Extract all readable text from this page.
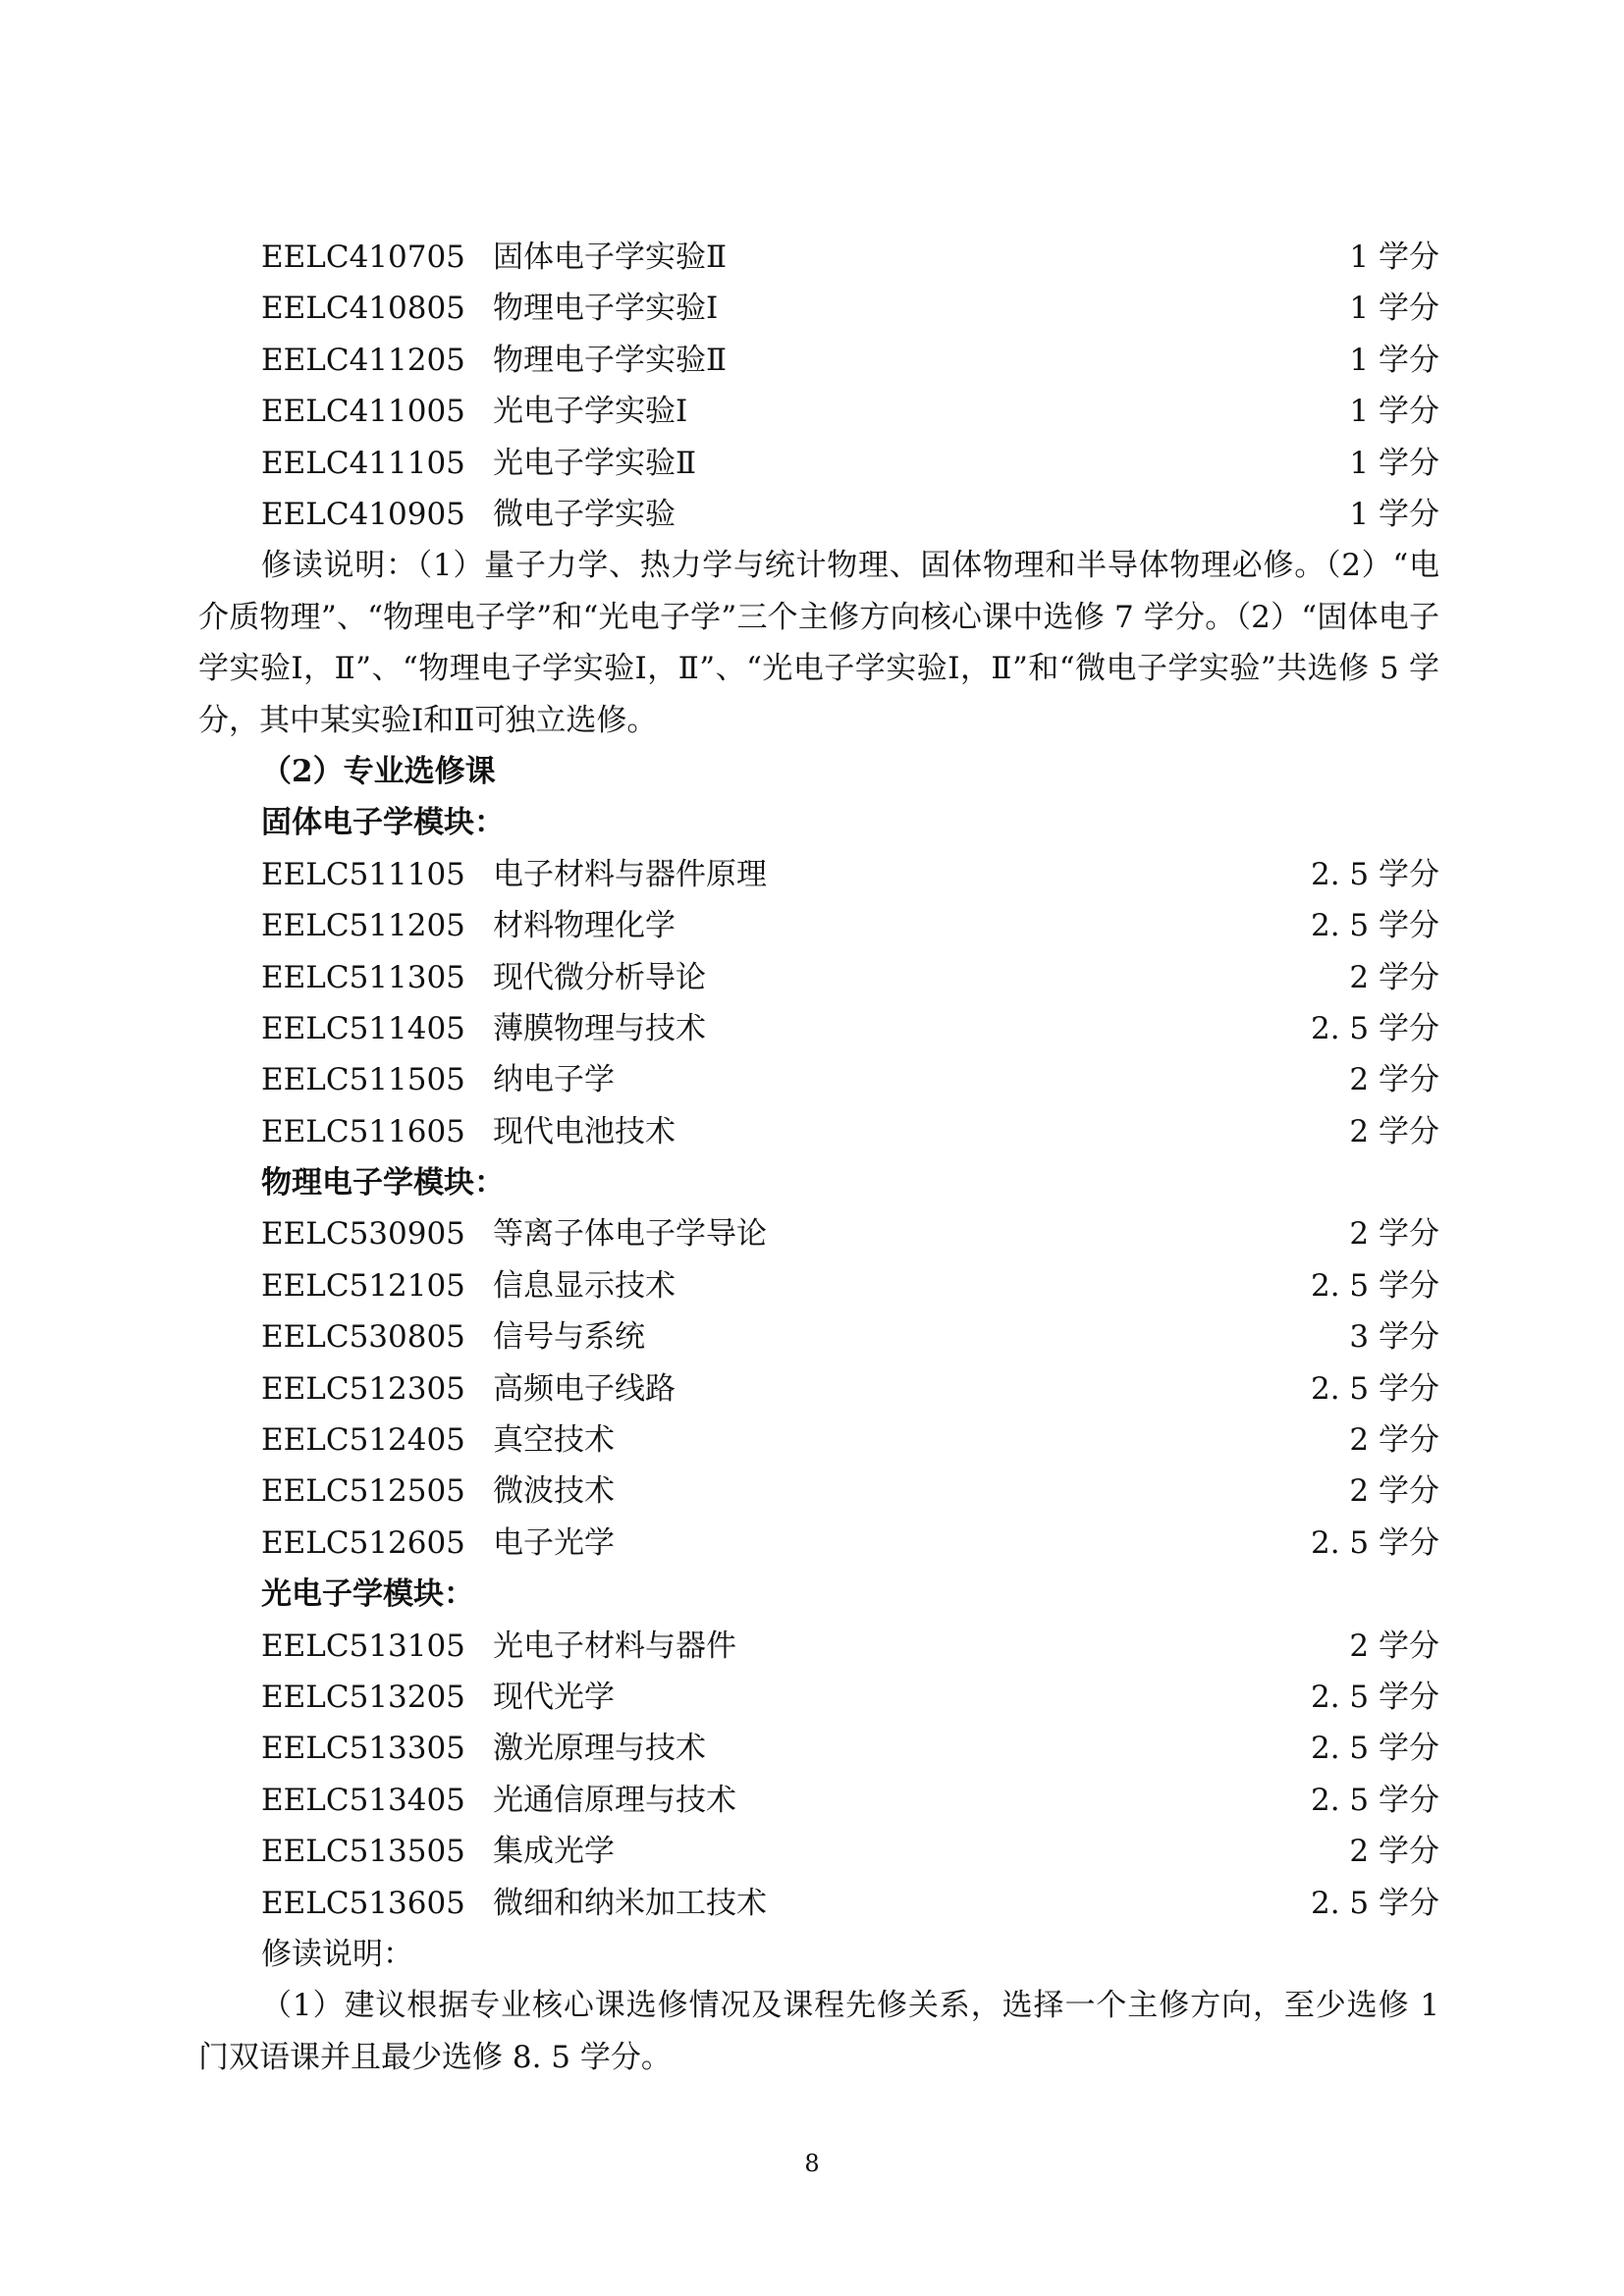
EELC410705 固体电子学实验Ⅱ	1 学分
EELC410805 物理电子学实验Ⅰ	1 学分
EELC411205 物理电子学实验Ⅱ	1 学分
EELC411005 光电子学实验Ⅰ	1 学分
EELC411105 光电子学实验Ⅱ	1 学分
EELC410905 微电子学实验	1 学分

修读说明：（1）量子力学、热力学与统计物理、固体物理和半导体物理必修。（2）“电介质物理”、“物理电子学”和“光电子学”三个主修方向核心课中选修 7 学分。（2）“固体电子学实验Ⅰ，Ⅱ”、“物理电子学实验Ⅰ，Ⅱ”、“光电子学实验Ⅰ，Ⅱ”和“微电子学实验”共选修 5 学分，其中某实验Ⅰ和Ⅱ可独立选修。

（2）专业选修课
固体电子学模块：
EELC511105 电子材料与器件原理	2. 5 学分
EELC511205 材料物理化学	2. 5 学分
EELC511305 现代微分析导论	2 学分
EELC511405 薄膜物理与技术	2. 5 学分
EELC511505 纳电子学	2 学分
EELC511605 现代电池技术	2 学分
物理电子学模块：
EELC530905 等离子体电子学导论	2 学分
EELC512105 信息显示技术	2. 5 学分
EELC530805 信号与系统	3 学分
EELC512305 高频电子线路	2. 5 学分
EELC512405 真空技术	2 学分
EELC512505 微波技术	2 学分
EELC512605 电子光学	2. 5 学分
光电子学模块：
EELC513105 光电子材料与器件	2 学分
EELC513205 现代光学	2. 5 学分
EELC513305 激光原理与技术	2. 5 学分
EELC513405 光通信原理与技术	2. 5 学分
EELC513505 集成光学	2 学分
EELC513605 微细和纳米加工技术	2. 5 学分
修读说明：

（1）建议根据专业核心课选修情况及课程先修关系，选择一个主修方向，至少选修 1 门双语课并且最少选修 8. 5 学分。

8
